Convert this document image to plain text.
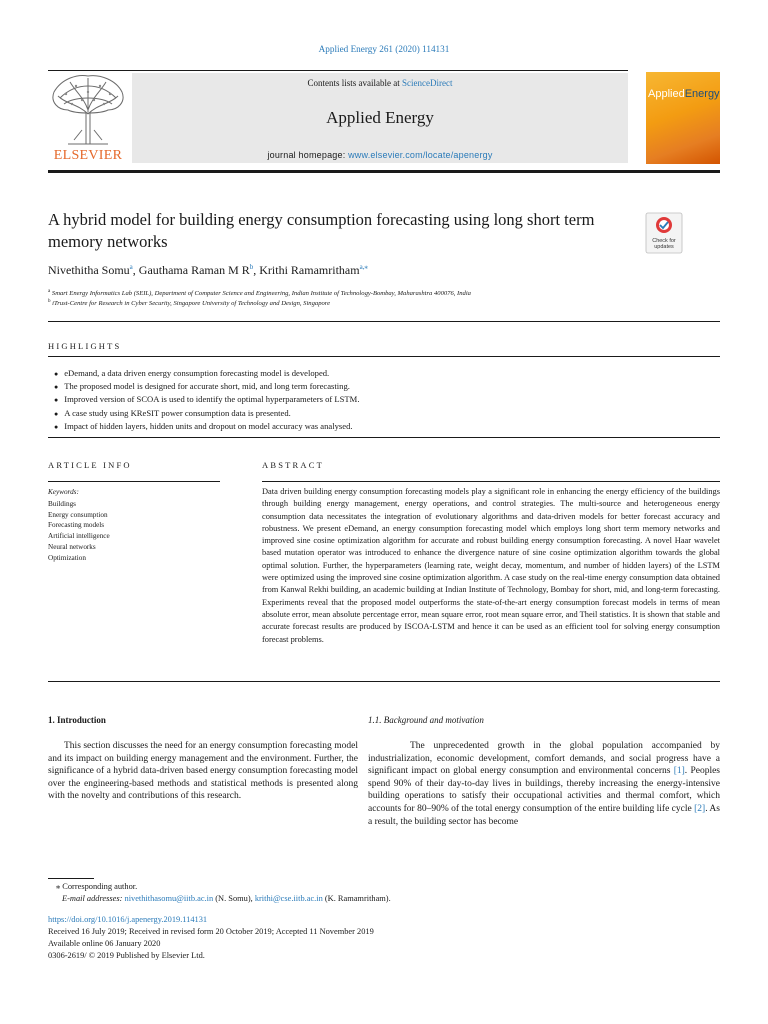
Applied Energy 261 (2020) 114131
ELSEVIER
Contents lists available at ScienceDirect
Applied Energy
journal homepage: www.elsevier.com/locate/apenergy
AppliedEnergy
A hybrid model for building energy consumption forecasting using long short term memory networks	Check for
updates
Nivethitha Somu$^a$, Gauthama Raman M $R^b$, Krithi Ramamritham$^{a,⁎}$
$^a$ Smart Energy Informatics Lab (SEIL), Department of Computer Science and Engineering, Indian Institute of Technology-Bombay, Maharashtra 400076, India
$^b$ iTrust-Centre for Research in Cyber Security, Singapore University of Technology and Design, Singapore
HIGHLIGHTS
● eDemand, a data driven energy consumption forecasting model is developed.
● The proposed model is designed for accurate short, mid, and long term forecasting.
● Improved version of SCOA is used to identify the optimal hyperparameters of LSTM.
● A case study using KReSIT power consumption data is presented.
● Impact of hidden layers, hidden units and dropout on model accuracy was analysed.
ARTICLE INFO
Keywords:
Buildings
Energy consumption
Forecasting models
Artificial intelligence
Neural networks
Optimization
ABSTRACT

Data driven building energy consumption forecasting models play a significant role in enhancing the energy efficiency of the buildings through building energy management, energy operations, and control strategies. The multi-source and heterogeneous energy consumption data necessitates the integration of evolutionary algorithms and data-driven models for better forecast accuracy and robustness. We present eDemand, an energy consumption forecasting model which employs long short term memory networks and improved sine cosine optimization algorithm for accurate and robust building energy consumption forecasting. A novel Haar wavelet based mutation operator was introduced to enhance the divergence nature of sine cosine optimization algorithm towards the global optimal solution. Further, the hyperparameters (learning rate, weight decay, momentum, and number of hidden layers) of the LSTM were optimized using the improved sine cosine optimization algorithm. A case study on the real-time energy consumption data obtained from Kanwal Rekhi building, an academic building at Indian Institute of Technology, Bombay for short, mid, and long-term forecasting. Experiments reveal that the proposed model outperforms the state-of-the-art energy consumption forecast models in terms of mean absolute error, mean absolute percentage error, mean square error, root mean square error, and Theil statistics. It is shown that stable and accurate forecast results are produced by ISCOA-LSTM and hence it can be used as an efficient tool for solving energy consumption forecast problems.

1. Introduction

This section discusses the need for an energy consumption forecasting model and its impact on building energy management and the environment. Further, the significance of a hybrid data-driven based energy consumption forecasting model over the engineering-based methods and statistical methods is presented along with the novelty and contributions of this research.

1.1. Background and motivation

The unprecedented growth in the global population accompanied by industrialization, economic development, comfort demands, and social progress have a significant impact on global energy consumption and environmental concerns [1]. Peoples spend 90% of their day-to-day lives in buildings, thereby increasing the energy-intensive building operations to satisfy their occupational activities and thermal comfort, which accounts for 80–90% of the total energy consumption of the entire building life cycle [2]. As a result, the building sector has become

⁎ Corresponding author.
E-mail addresses: nivethithasomu@iitb.ac.in (N. Somu), krithi@cse.iitb.ac.in (K. Ramamritham).
https://doi.org/10.1016/j.apenergy.2019.114131
Received 16 July 2019; Received in revised form 20 October 2019; Accepted 11 November 2019
Available online 06 January 2020
0306-2619/ © 2019 Published by Elsevier Ltd.
